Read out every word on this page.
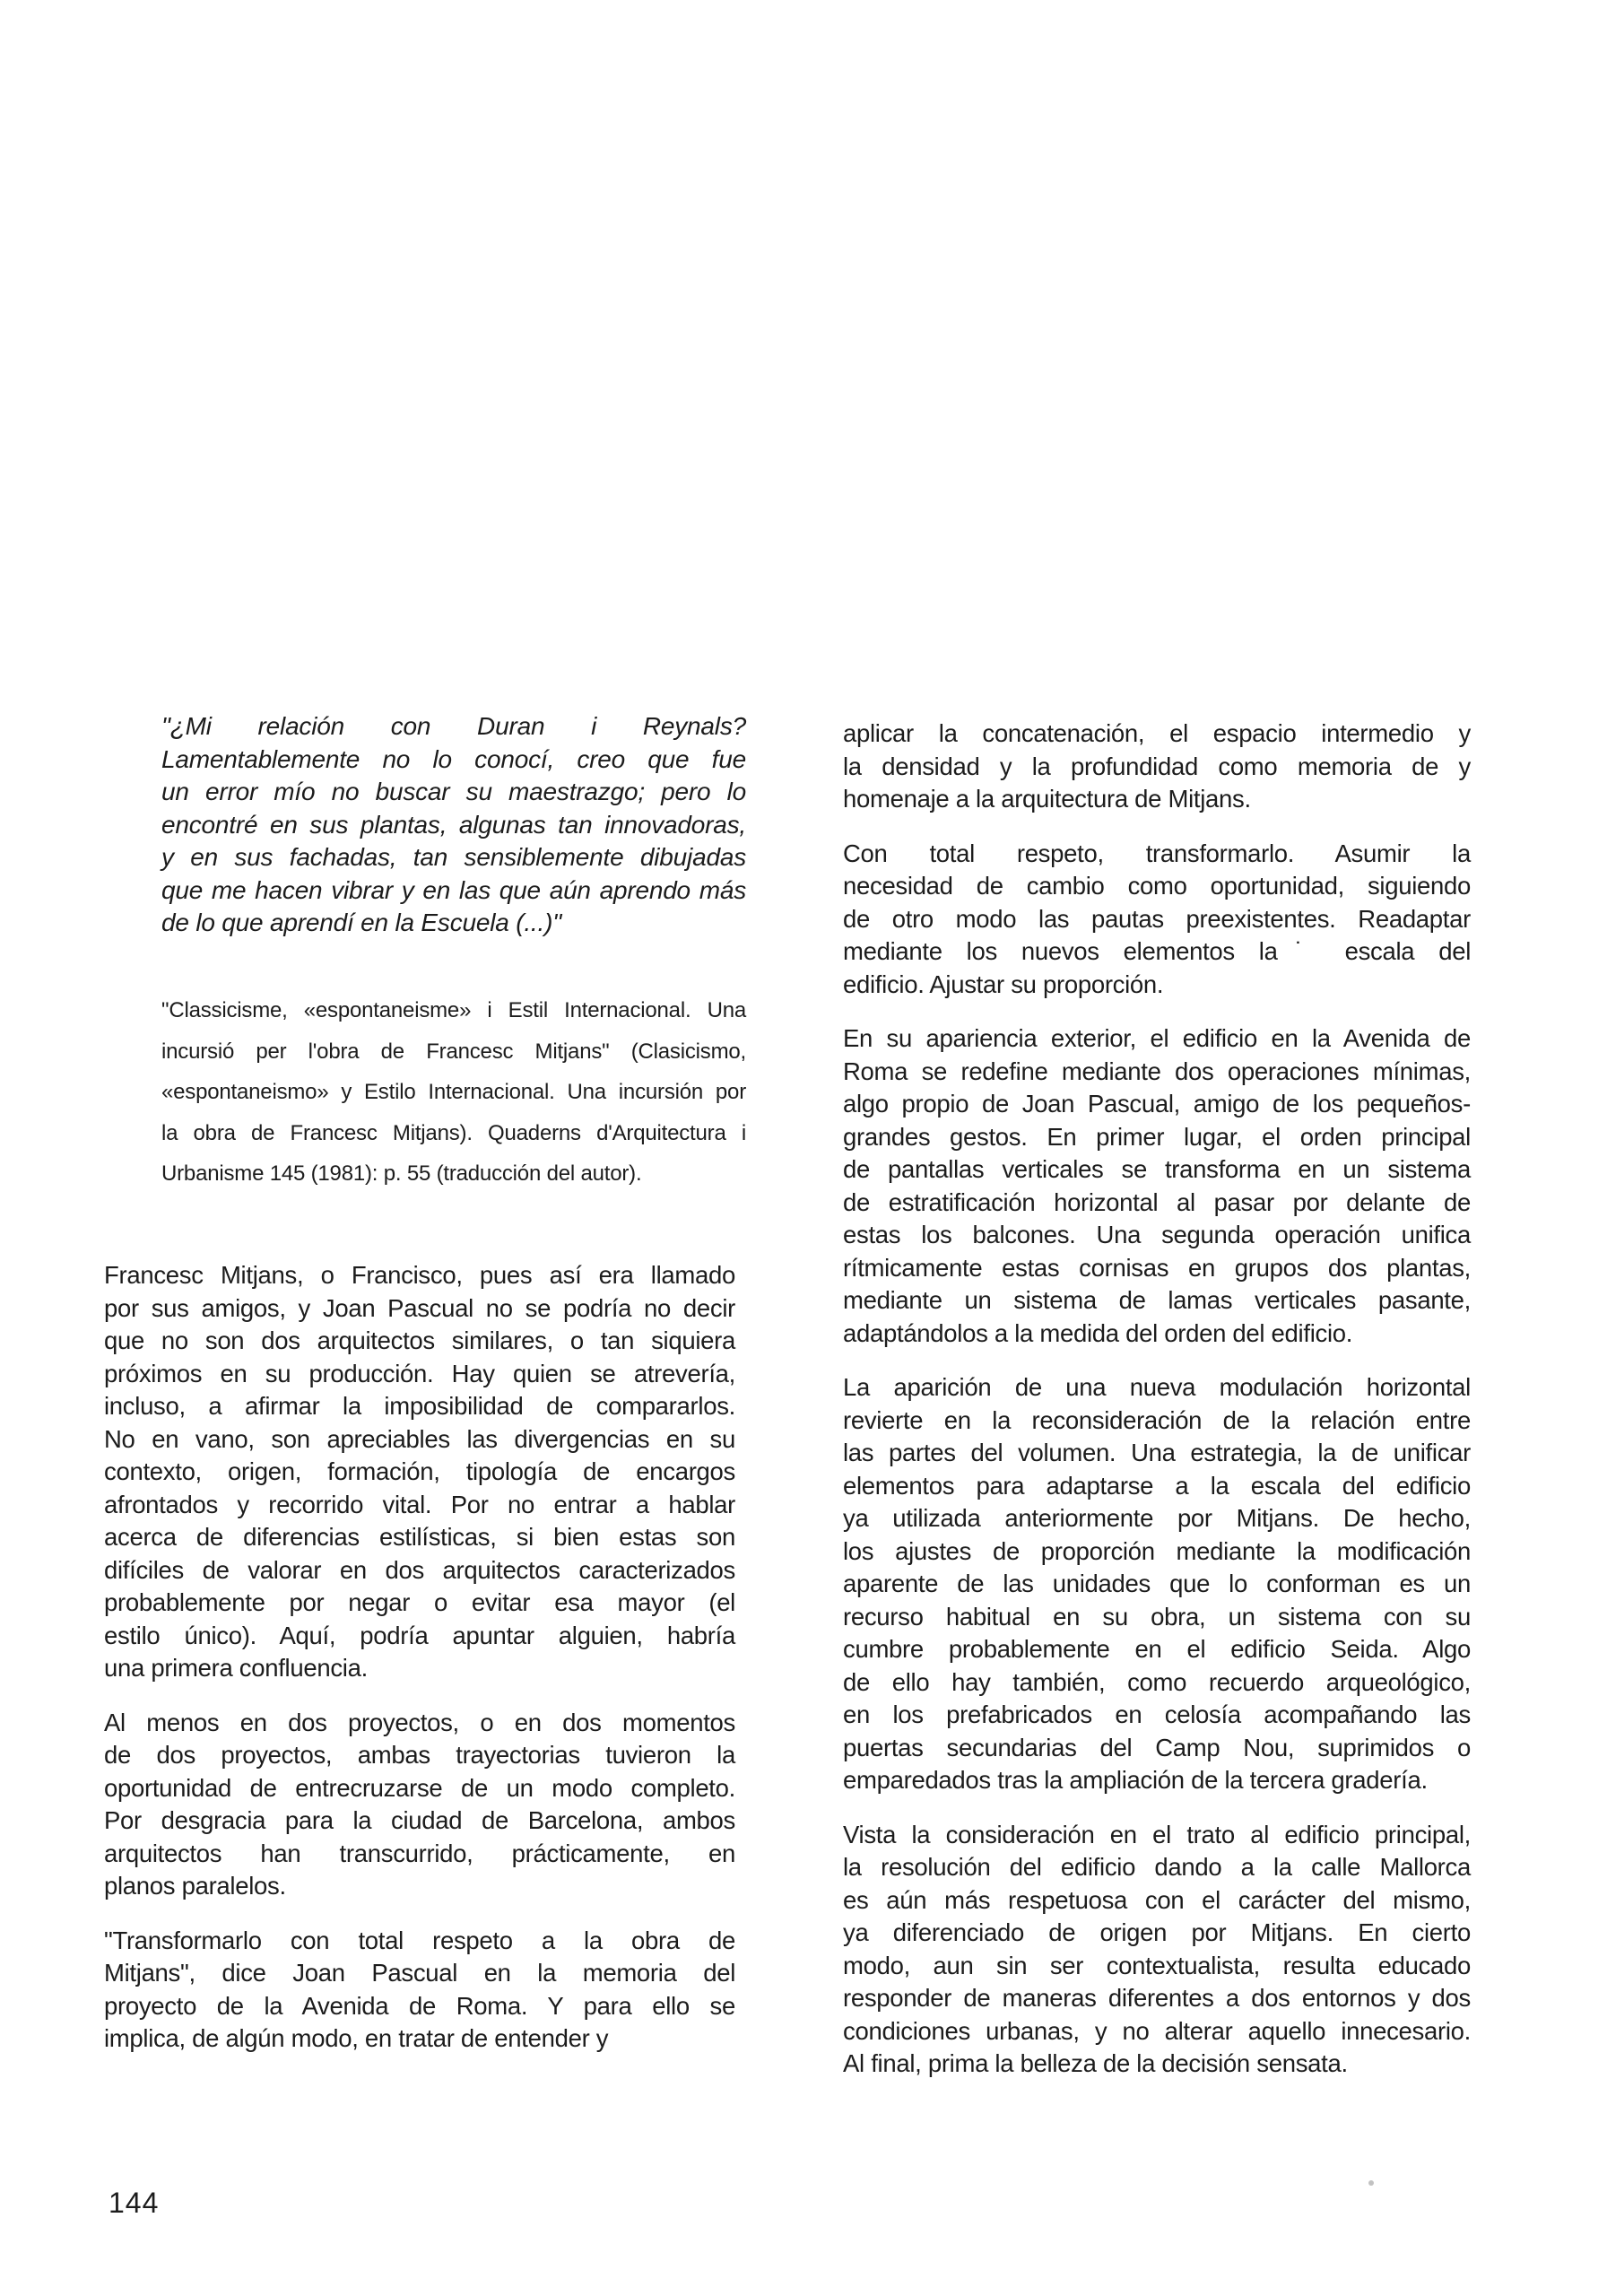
"¿Mi relación con Duran i Reynals?
Lamentablemente no lo conocí, creo que fue
un error mío no buscar su maestrazgo; pero lo
encontré en sus plantas, algunas tan innovadoras,
y en sus fachadas, tan sensiblemente dibujadas
que me hacen vibrar y en las que aún aprendo más
de lo que aprendí en la Escuela (...)"
"Classicisme, «espontaneisme» i Estil Internacional. Una
incursió per l'obra de Francesc Mitjans" (Clasicismo,
«espontaneismo» y Estilo Internacional. Una incursión por
la obra de Francesc Mitjans). Quaderns d'Arquitectura i
Urbanisme 145 (1981): p. 55 (traducción del autor).
Francesc Mitjans, o Francisco, pues así era llamado
por sus amigos, y Joan Pascual no se podría no decir
que no son dos arquitectos similares, o tan siquiera
próximos en su producción. Hay quien se atrevería,
incluso, a afirmar la imposibilidad de compararlos.
No en vano, son apreciables las divergencias en su
contexto, origen, formación, tipología de encargos
afrontados y recorrido vital. Por no entrar a hablar
acerca de diferencias estilísticas, si bien estas son
difíciles de valorar en dos arquitectos caracterizados
probablemente por negar o evitar esa mayor (el
estilo único). Aquí, podría apuntar alguien, habría
una primera confluencia.
Al menos en dos proyectos, o en dos momentos
de dos proyectos, ambas trayectorias tuvieron la
oportunidad de entrecruzarse de un modo completo.
Por desgracia para la ciudad de Barcelona, ambos
arquitectos han transcurrido, prácticamente, en
planos paralelos.
"Transformarlo con total respeto a la obra de
Mitjans", dice Joan Pascual en la memoria del
proyecto de la Avenida de Roma. Y para ello se
implica, de algún modo, en tratar de entender y
aplicar la concatenación, el espacio intermedio y
la densidad y la profundidad como memoria de y
homenaje a la arquitectura de Mitjans.
Con total respeto, transformarlo. Asumir la
necesidad de cambio como oportunidad, siguiendo
de otro modo las pautas preexistentes. Readaptar
mediante los nuevos elementos la˙ escala del
edificio. Ajustar su proporción.
En su apariencia exterior, el edificio en la Avenida de
Roma se redefine mediante dos operaciones mínimas,
algo propio de Joan Pascual, amigo de los pequeños-
grandes gestos. En primer lugar, el orden principal
de pantallas verticales se transforma en un sistema
de estratificación horizontal al pasar por delante de
estas los balcones. Una segunda operación unifica
rítmicamente estas cornisas en grupos dos plantas,
mediante un sistema de lamas verticales pasante,
adaptándolos a la medida del orden del edificio.
La aparición de una nueva modulación horizontal
revierte en la reconsideración de la relación entre
las partes del volumen. Una estrategia, la de unificar
elementos para adaptarse a la escala del edificio
ya utilizada anteriormente por Mitjans. De hecho,
los ajustes de proporción mediante la modificación
aparente de las unidades que lo conforman es un
recurso habitual en su obra, un sistema con su
cumbre probablemente en el edificio Seida. Algo
de ello hay también, como recuerdo arqueológico,
en los prefabricados en celosía acompañando las
puertas secundarias del Camp Nou, suprimidos o
emparedados tras la ampliación de la tercera gradería.
Vista la consideración en el trato al edificio principal,
la resolución del edificio dando a la calle Mallorca
es aún más respetuosa con el carácter del mismo,
ya diferenciado de origen por Mitjans. En cierto
modo, aun sin ser contextualista, resulta educado
responder de maneras diferentes a dos entornos y dos
condiciones urbanas, y no alterar aquello innecesario.
Al final, prima la belleza de la decisión sensata.
144
